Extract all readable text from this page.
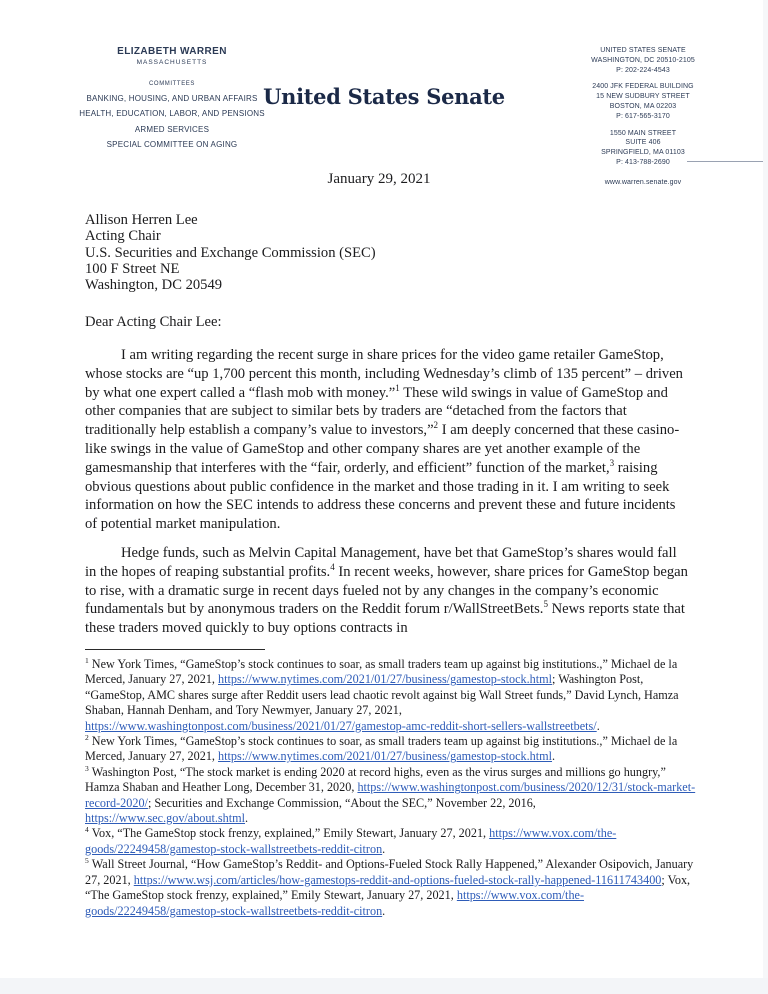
ELIZABETH WARREN
MASSACHUSETTS
COMMITTEES
BANKING, HOUSING, AND URBAN AFFAIRS
HEALTH, EDUCATION, LABOR, AND PENSIONS
ARMED SERVICES
SPECIAL COMMITTEE ON AGING
United States Senate
UNITED STATES SENATE
WASHINGTON, DC 20510-2105
P: 202-224-4543
2400 JFK FEDERAL BUILDING
15 NEW SUDBURY STREET
BOSTON, MA 02203
P: 617-565-3170
1550 MAIN STREET
SUITE 406
SPRINGFIELD, MA 01103
P: 413-788-2690
www.warren.senate.gov
January 29, 2021
Allison Herren Lee
Acting Chair
U.S. Securities and Exchange Commission (SEC)
100 F Street NE
Washington, DC 20549
Dear Acting Chair Lee:

I am writing regarding the recent surge in share prices for the video game retailer GameStop, whose stocks are “up 1,700 percent this month, including Wednesday’s climb of 135 percent” – driven by what one expert called a “flash mob with money.”$^1$ These wild swings in value of GameStop and other companies that are subject to similar bets by traders are “detached from the factors that traditionally help establish a company’s value to investors,”$^2$ I am deeply concerned that these casino-like swings in the value of GameStop and other company shares are yet another example of the gamesmanship that interferes with the “fair, orderly, and efficient” function of the market,$^3$ raising obvious questions about public confidence in the market and those trading in it. I am writing to seek information on how the SEC intends to address these concerns and prevent these and future incidents of potential market manipulation.

Hedge funds, such as Melvin Capital Management, have bet that GameStop’s shares would fall in the hopes of reaping substantial profits.$^4$ In recent weeks, however, share prices for GameStop began to rise, with a dramatic surge in recent days fueled not by any changes in the company’s economic fundamentals but by anonymous traders on the Reddit forum r/WallStreetBets.$^5$ News reports state that these traders moved quickly to buy options contracts in

$^1$ New York Times, “GameStop’s stock continues to soar, as small traders team up against big institutions.,” Michael de la Merced, January 27, 2021, https://www.nytimes.com/2021/01/27/business/gamestop-stock.html; Washington Post, “GameStop, AMC shares surge after Reddit users lead chaotic revolt against big Wall Street funds,” David Lynch, Hamza Shaban, Hannah Denham, and Tory Newmyer, January 27, 2021, https://www.washingtonpost.com/business/2021/01/27/gamestop-amc-reddit-short-sellers-wallstreetbets/.
$^2$ New York Times, “GameStop’s stock continues to soar, as small traders team up against big institutions.,” Michael de la Merced, January 27, 2021, https://www.nytimes.com/2021/01/27/business/gamestop-stock.html.
$^3$ Washington Post, “The stock market is ending 2020 at record highs, even as the virus surges and millions go hungry,” Hamza Shaban and Heather Long, December 31, 2020, https://www.washingtonpost.com/business/2020/12/31/stock-market-record-2020/; Securities and Exchange Commission, “About the SEC,” November 22, 2016, https://www.sec.gov/about.shtml.
$^4$ Vox, “The GameStop stock frenzy, explained,” Emily Stewart, January 27, 2021, https://www.vox.com/the-goods/22249458/gamestop-stock-wallstreetbets-reddit-citron.
$^5$ Wall Street Journal, “How GameStop’s Reddit- and Options-Fueled Stock Rally Happened,” Alexander Osipovich, January 27, 2021, https://www.wsj.com/articles/how-gamestops-reddit-and-options-fueled-stock-rally-happened-11611743400; Vox, “The GameStop stock frenzy, explained,” Emily Stewart, January 27, 2021, https://www.vox.com/the-goods/22249458/gamestop-stock-wallstreetbets-reddit-citron.
